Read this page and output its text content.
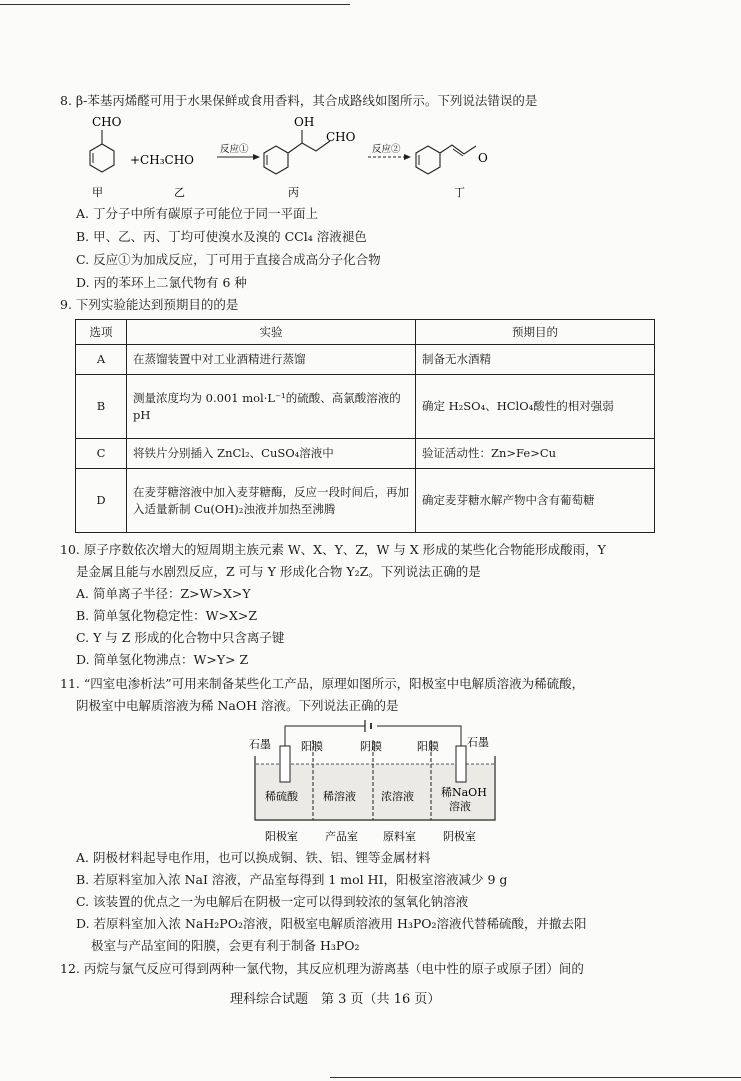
8. β-苯基丙烯醛可用于水果保鲜或食用香料，其合成路线如图所示。下列说法错误的是
CHO
+CH₃CHO
反应①
OH
CHO
反应②
O
甲	乙	丙	丁
A. 丁分子中所有碳原子可能位于同一平面上
B. 甲、乙、丙、丁均可使溴水及溴的 CCl₄ 溶液褪色
C. 反应①为加成反应，丁可用于直接合成高分子化合物
D. 丙的苯环上二氯代物有 6 种
9. 下列实验能达到预期目的的是
选项	实验	预期目的
A	在蒸馏装置中对工业酒精进行蒸馏	制备无水酒精
B	测量浓度均为 0.001 mol·L⁻¹的硫酸、高氯酸溶液的 pH	确定 H₂SO₄、HClO₄酸性的相对强弱
C	将铁片分别插入 ZnCl₂、CuSO₄溶液中	验证活动性：Zn>Fe>Cu
D	在麦芽糖溶液中加入麦芽糖酶，反应一段时间后，再加入适量新制 Cu(OH)₂浊液并加热至沸腾	确定麦芽糖水解产物中含有葡萄糖
10. 原子序数依次增大的短周期主族元素 W、X、Y、Z，W 与 X 形成的某些化合物能形成酸雨，Y
是金属且能与水剧烈反应，Z 可与 Y 形成化合物 Y₂Z。下列说法正确的是
A. 简单离子半径：Z>W>X>Y
B. 简单氢化物稳定性：W>X>Z
C. Y 与 Z 形成的化合物中只含离子键
D. 简单氢化物沸点：W>Y> Z
11. “四室电渗析法”可用来制备某些化工产品，原理如图所示，阳极室中电解质溶液为稀硫酸，
阴极室中电解质溶液为稀 NaOH 溶液。下列说法正确的是
石墨	石墨
阳膜	阴膜	阳膜
稀硫酸 稀溶液 浓溶液 稀NaOH
溶液
阳极室 产品室 原料室 阴极室
A. 阴极材料起导电作用，也可以换成铜、铁、铝、锂等金属材料
B. 若原料室加入浓 NaI 溶液，产品室每得到 1 mol HI，阳极室溶液减少 9 g
C. 该装置的优点之一为电解后在阴极一定可以得到较浓的氢氧化钠溶液
D. 若原料室加入浓 NaH₂PO₂溶液，阳极室电解质溶液用 H₃PO₂溶液代替稀硫酸，并撤去阳
极室与产品室间的阳膜，会更有利于制备 H₃PO₂
12. 丙烷与氯气反应可得到两种一氯代物，其反应机理为游离基（电中性的原子或原子团）间的
理科综合试题　第 3 页（共 16 页）
